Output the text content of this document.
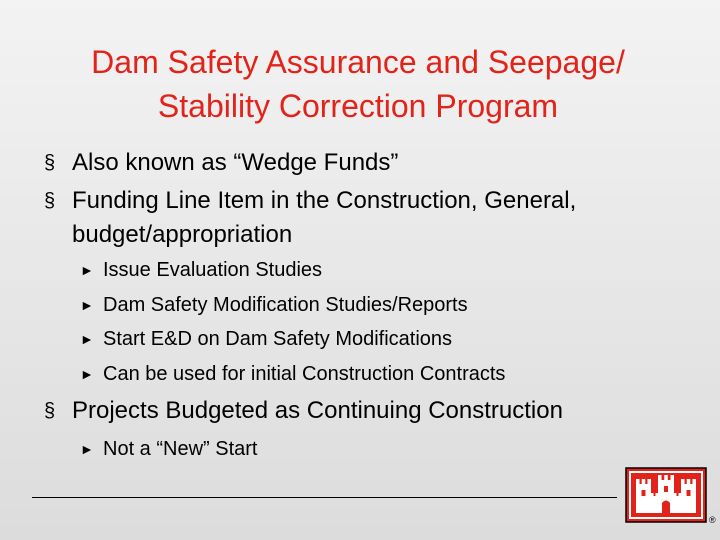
Dam Safety Assurance and Seepage/
Stability Correction Program
§ Also known as “Wedge Funds”
§ Funding Line Item in the Construction, General,
budget/appropriation
► Issue Evaluation Studies
► Dam Safety Modification Studies/Reports
► Start E&D on Dam Safety Modifications
► Can be used for initial Construction Contracts
§ Projects Budgeted as Continuing Construction
► Not a “New” Start
®
